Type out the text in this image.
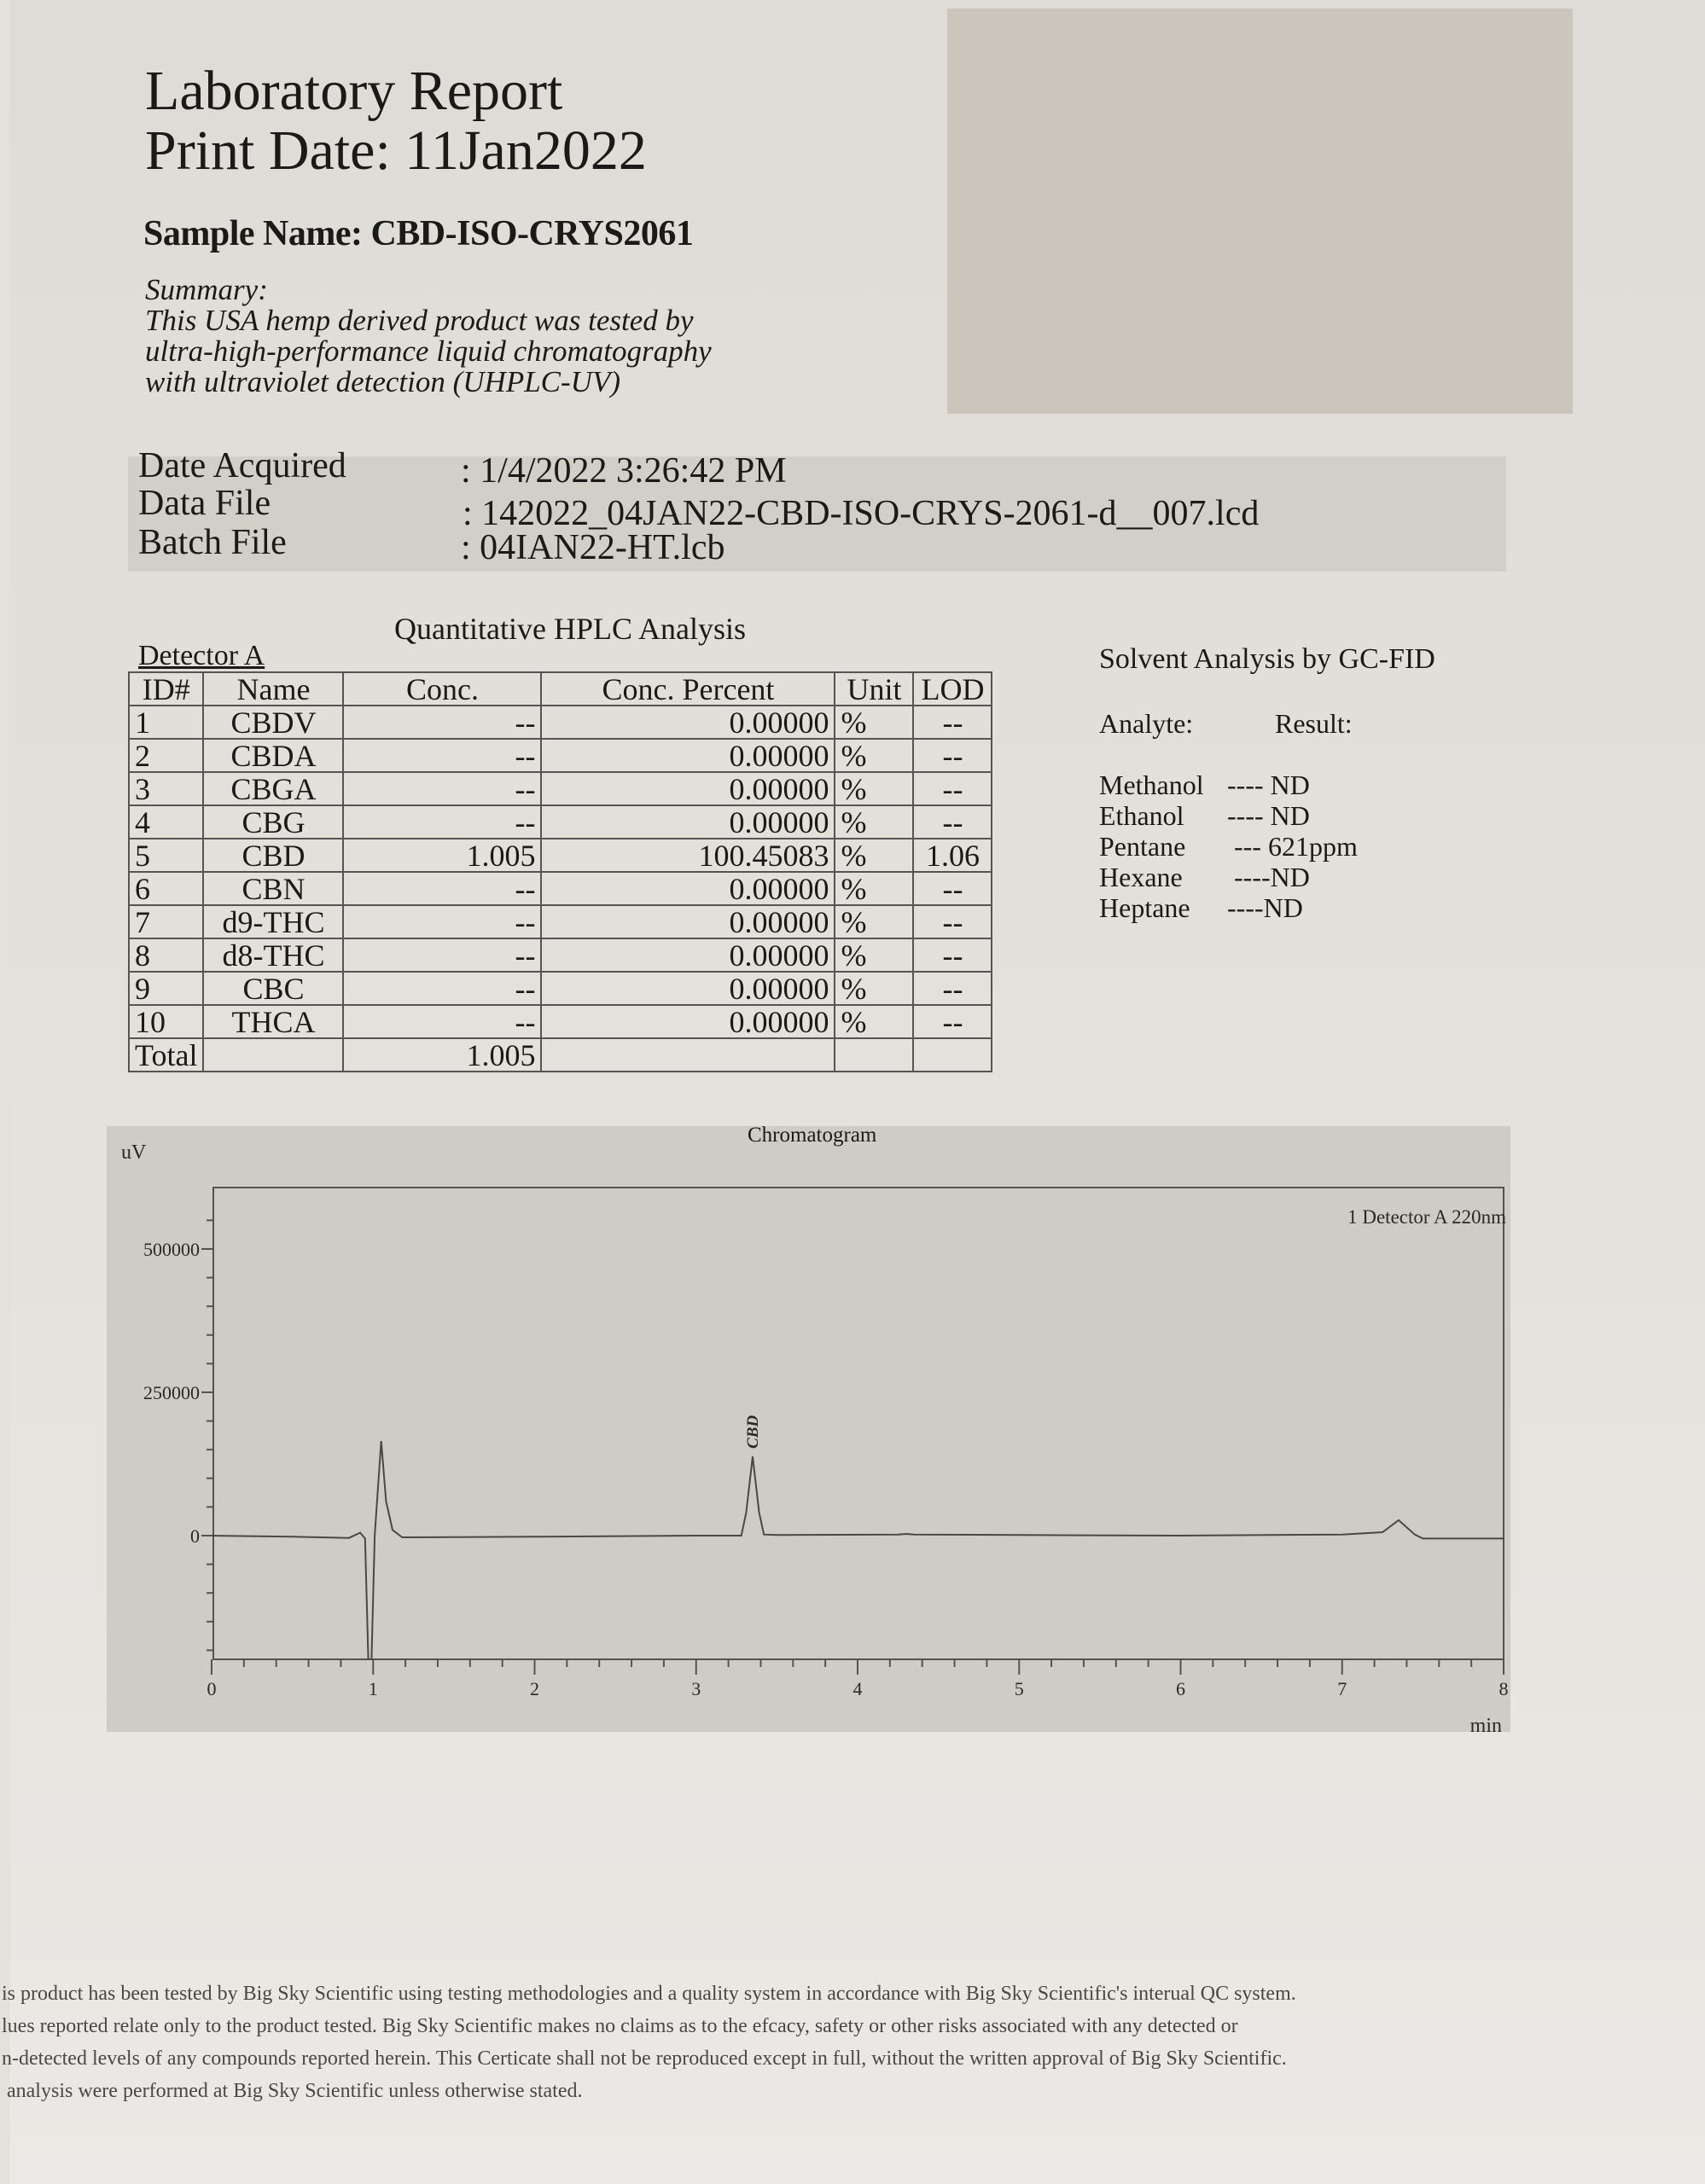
Laboratory Report
Print Date: 11Jan2022
Sample Name: CBD-ISO-CRYS2061
Summary:
This USA hemp derived product was tested by
ultra-high-performance liquid chromatography
with ultraviolet detection (UHPLC-UV)
Date Acquired	: 1/4/2022 3:26:42 PM
Data File	: 142022_04JAN22-CBD-ISO-CRYS-2061-d__007.lcd
Batch File	: 04IAN22-HT.lcb
Quantitative HPLC Analysis
Detector A
ID#	Name	Conc.	Conc. Percent	Unit	LOD
1	CBDV	--	0.00000	%	--
2	CBDA	--	0.00000	%	--
3	CBGA	--	0.00000	%	--
4	CBG	--	0.00000	%	--
5	CBD	1.005	100.45083	%	1.06
6	CBN	--	0.00000	%	--
7	d9-THC	--	0.00000	%	--
8	d8-THC	--	0.00000	%	--
9	CBC	--	0.00000	%	--
10	THCA	--	0.00000	%	--
Total		1.005			
Solvent Analysis by GC-FID
Analyte:	Result:
Methanol ---- ND
Ethanol ---- ND
Pentane --- 621ppm
Hexane ----ND
Heptane ----ND
Chromatogram
0	1	2	3	4	5	6	7	8
0
250000
500000
uV
min
1 Detector A 220nm
CBD
is product has been tested by Big Sky Scientific using testing methodologies and a quality system in accordance with Big Sky Scientific's interual QC system.
lues reported relate only to the product tested. Big Sky Scientific makes no claims as to the efcacy, safety or other risks associated with any detected or
n-detected levels of any compounds reported herein. This Certicate shall not be reproduced except in full, without the written approval of Big Sky Scientific.
analysis were performed at Big Sky Scientific unless otherwise stated.
